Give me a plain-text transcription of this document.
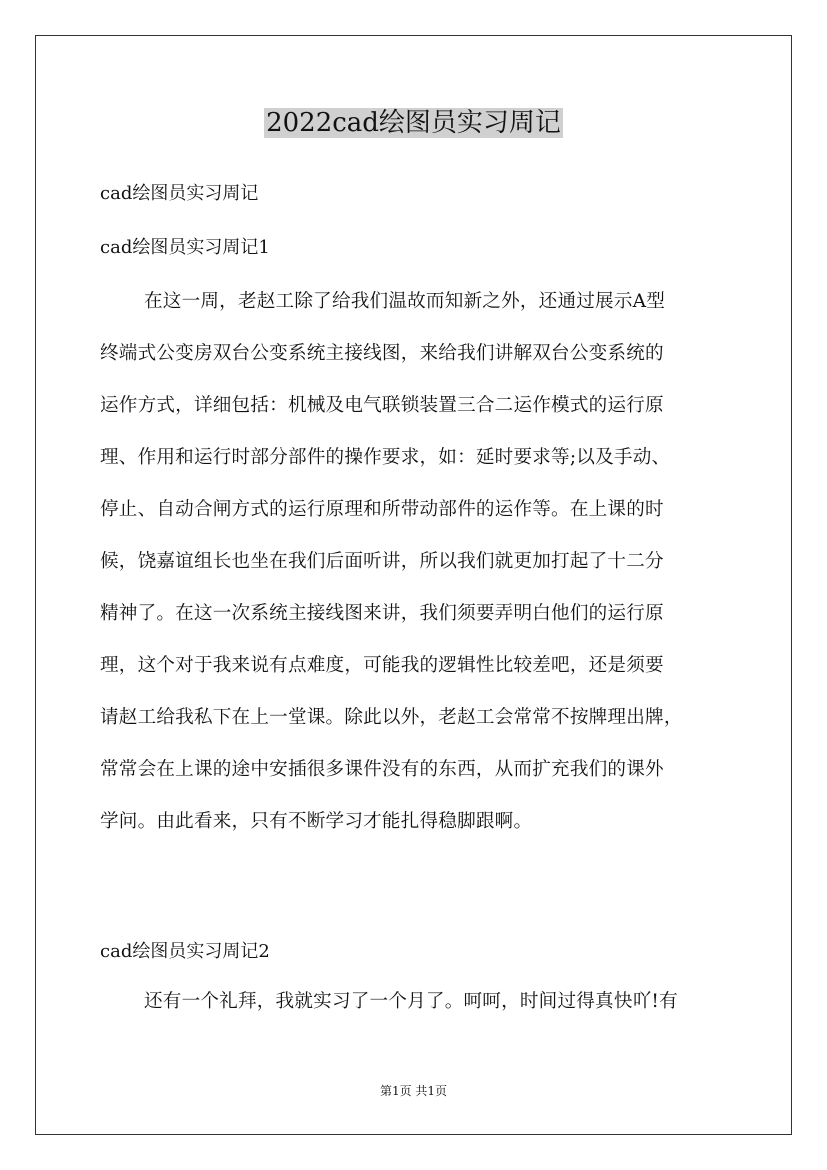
2022cad绘图员实习周记
cad绘图员实习周记
cad绘图员实习周记1
在这一周，老赵工除了给我们温故而知新之外，还通过展示A型
终端式公变房双台公变系统主接线图，来给我们讲解双台公变系统的
运作方式，详细包括：机械及电气联锁装置三合二运作模式的运行原
理、作用和运行时部分部件的操作要求，如：延时要求等;以及手动、
停止、自动合闸方式的运行原理和所带动部件的运作等。在上课的时
候，饶嘉谊组长也坐在我们后面听讲，所以我们就更加打起了十二分
精神了。在这一次系统主接线图来讲，我们须要弄明白他们的运行原
理，这个对于我来说有点难度，可能我的逻辑性比较差吧，还是须要
请赵工给我私下在上一堂课。除此以外，老赵工会常常不按牌理出牌，
常常会在上课的途中安插很多课件没有的东西，从而扩充我们的课外
学问。由此看来，只有不断学习才能扎得稳脚跟啊。
cad绘图员实习周记2
还有一个礼拜，我就实习了一个月了。呵呵，时间过得真快吖!有
第1页 共1页
